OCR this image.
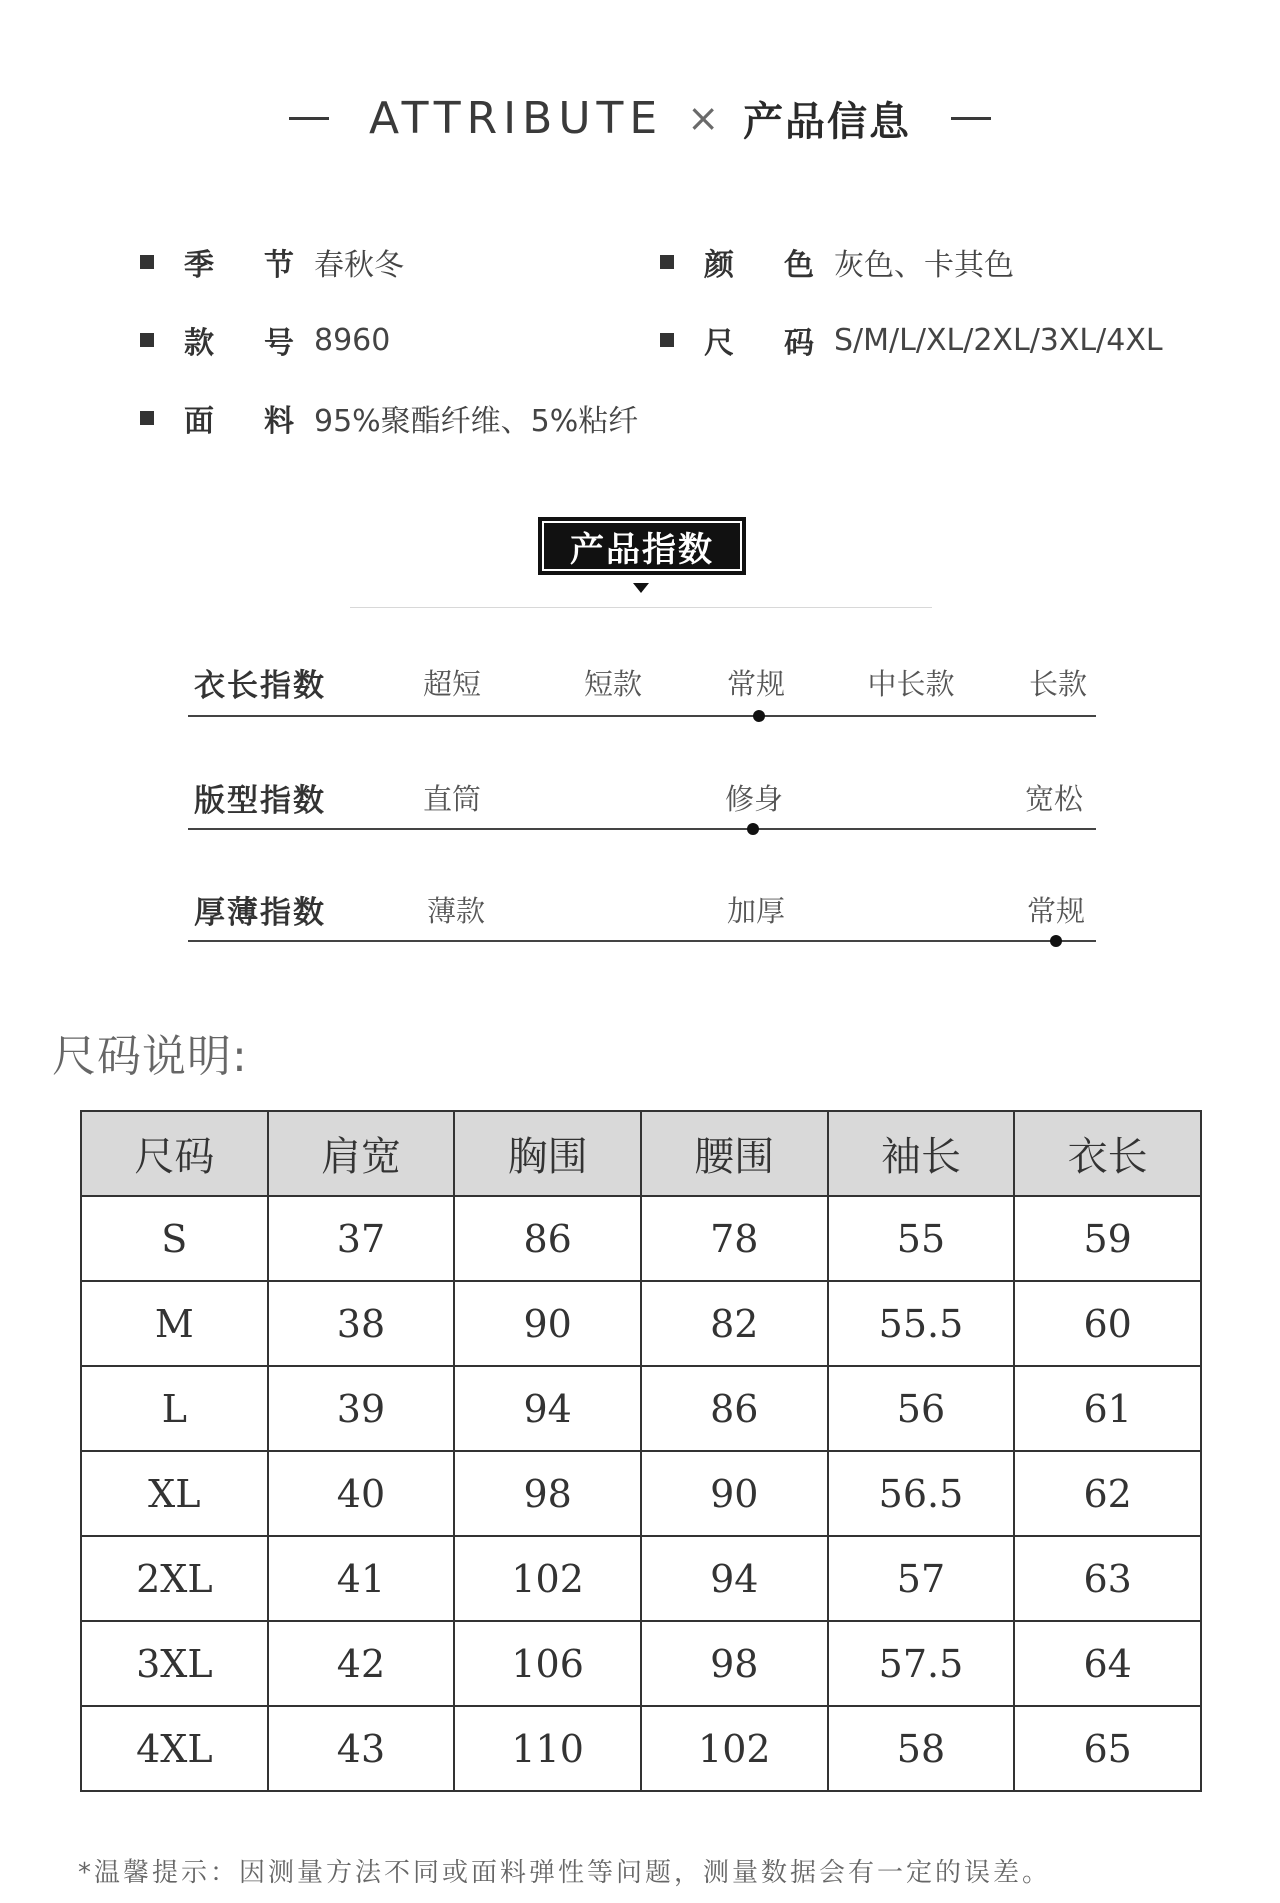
ATTRIBUTE × 产品信息
季 节 春秋冬	颜 色 灰色、卡其色
款 号 8960	尺 码 S/M/L/XL/2XL/3XL/4XL
面 料 95%聚酯纤维、5%粘纤
产品指数
衣长指数	超短	短款	常规	中长款	长款
版型指数	直筒	修身	宽松
厚薄指数	薄款	加厚	常规
尺码说明:
尺码	肩宽	胸围	腰围	袖长	衣长
S	37	86	78	55	59
M	38	90	82	55.5	60
L	39	94	86	56	61
XL	40	98	90	56.5	62
2XL	41	102	94	57	63
3XL	42	106	98	57.5	64
4XL	43	110	102	58	65
*温馨提示：因测量方法不同或面料弹性等问题，测量数据会有一定的误差。
